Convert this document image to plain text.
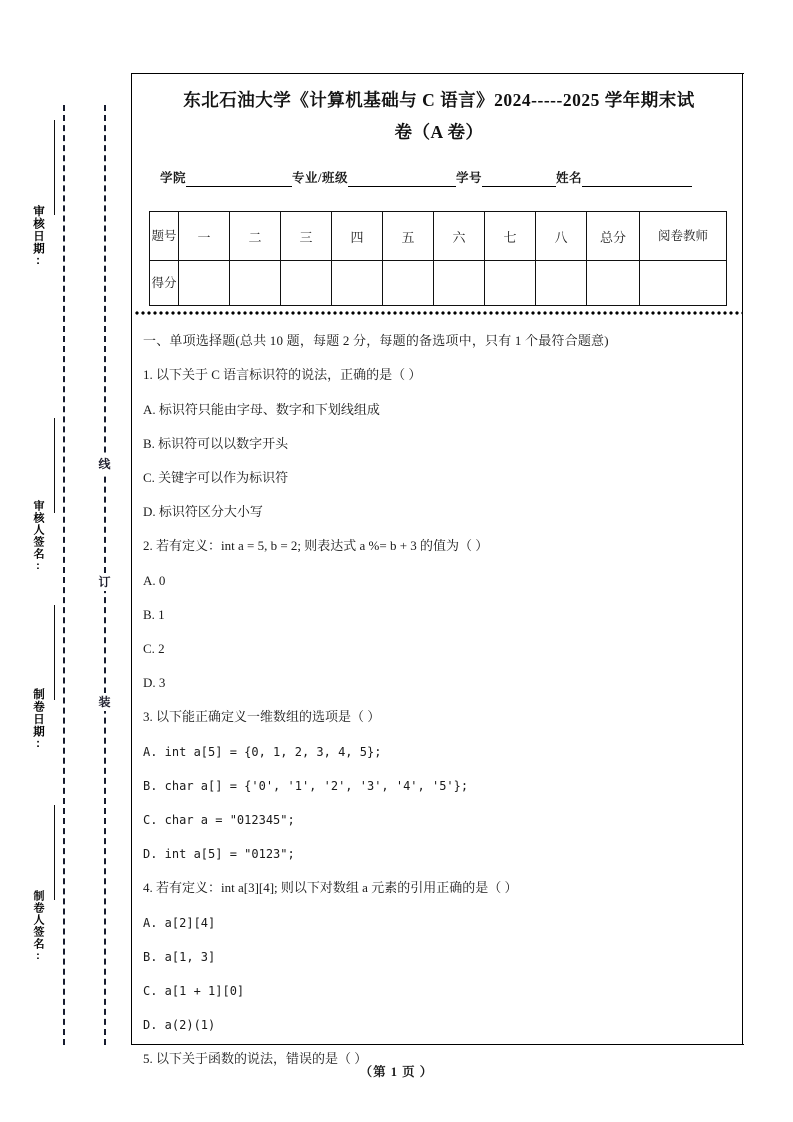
审核日期:
审核人签名:
制卷日期:
制卷人签名:
线
订
装
东北石油大学《计算机基础与 C 语言》2024-----2025 学年期末试
卷（A 卷）
学院	专业/班级	学号	姓名
题号	一	二	三	四	五	六	七	八	总分	阅卷教师
得分										
一、单项选择题(总共 10 题，每题 2 分，每题的备选项中，只有 1 个最符合题意)
1. 以下关于 C 语言标识符的说法，正确的是（ ）
A. 标识符只能由字母、数字和下划线组成
B. 标识符可以以数字开头
C. 关键字可以作为标识符
D. 标识符区分大小写
2. 若有定义：int a = 5, b = 2; 则表达式 a %= b + 3 的值为（ ）
A. 0
B. 1
C. 2
D. 3
3. 以下能正确定义一维数组的选项是（ ）
A. int a[5] = {0, 1, 2, 3, 4, 5};
B. char a[] = {'0', '1', '2', '3', '4', '5'};
C. char a = "012345";
D. int a[5] = "0123";
4. 若有定义：int a[3][4]; 则以下对数组 a 元素的引用正确的是（ ）
A. a[2][4]
B. a[1, 3]
C. a[1 + 1][0]
D. a(2)(1)
5. 以下关于函数的说法，错误的是（ ）
（第 1 页 ）
